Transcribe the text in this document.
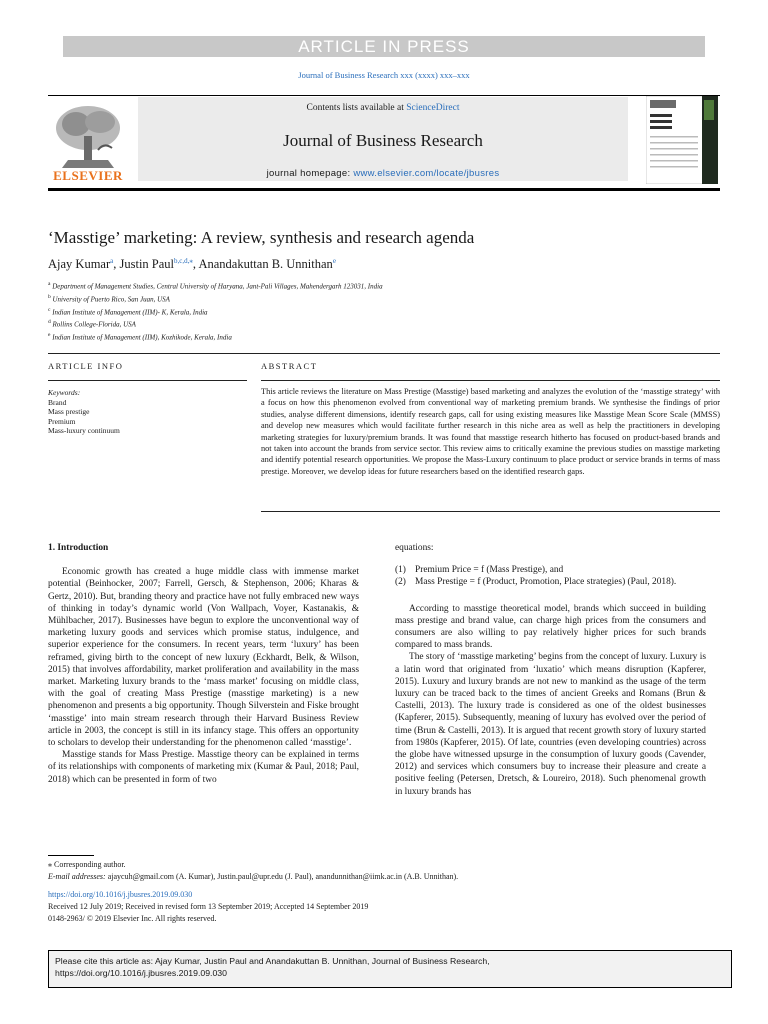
ARTICLE IN PRESS
Journal of Business Research xxx (xxxx) xxx–xxx
ELSEVIER
Contents lists available at ScienceDirect
Journal of Business Research
journal homepage: www.elsevier.com/locate/jbusres
‘Masstige’ marketing: A review, synthesis and research agenda
Ajay Kumar$^a$, Justin Paul$^{b,c,d,⁎}$, Anandakuttan B. Unnithan$^e$
$^a$ Department of Management Studies, Central University of Haryana, Jant-Pali Villages, Mahendergarh 123031, India
$^b$ University of Puerto Rico, San Juan, USA
$^c$ Indian Institute of Management (IIM)- K, Kerala, India
$^d$ Rollins College-Florida, USA
$^e$ Indian Institute of Management (IIM), Kozhikode, Kerala, India
ARTICLE INFO	ABSTRACT
Keywords:
Brand
Mass prestige
Premium
Mass-luxury continuum
This article reviews the literature on Mass Prestige (Masstige) based marketing and analyzes the evolution of the ‘masstige strategy’ with a focus on how this phenomenon evolved from conventional way of marketing premium brands. We synthesise the findings of prior studies, analyse different dimensions, identify research gaps, call for using existing measures like Masstige Mean Score Scale (MMSS) and develop new measures which would facilitate further research in this niche area as well as help the practitioners in developing marketing strategies for luxury/premium brands. It was found that masstige research hitherto has focused on product-based brands and not taken into account the brands from service sector. This review aims to critically examine the previous studies on masstige marketing and identify potential research opportunities. We propose the Mass-Luxury continuum to place product or service brands in terms of mass prestige. Moreover, we develop ideas for future researchers based on the identified research gaps.

1. Introduction

Economic growth has created a huge middle class with immense market potential (Beinhocker, 2007; Farrell, Gersch, & Stephenson, 2006; Kharas & Gertz, 2010). But, branding theory and practice have not fully embraced new ways of thinking in today’s dynamic world (Von Wallpach, Voyer, Kastanakis, & Mühlbacher, 2017). Businesses have begun to explore the unconventional way of marketing luxury goods and services which promise status, indulgence, and superior experience for the consumers. In recent years, term ‘luxury’ has been reframed, giving birth to the concept of new luxury (Eckhardt, Belk, & Wilson, 2015) that involves affordability, market proliferation and availability in the mass market. Marketing luxury brands to the ‘mass market’ focusing on middle class, with the goal of creating Mass Prestige (masstige marketing) is a new phenomenon and presents a big opportunity. Though Silverstein and Fiske brought ‘masstige’ into main stream research through their Harvard Business Review article in 2003, the concept is still in its infancy stage. This offers an opportunity to scholars to develop their understanding for the phenomenon called ‘masstige’.

Masstige stands for Mass Prestige. Masstige theory can be explained in terms of its relationships with components of marketing mix (Kumar & Paul, 2018; Paul, 2018) which can be presented in form of two

equations:

(1) Premium Price = f (Mass Prestige), and

(2) Mass Prestige = f (Product, Promotion, Place strategies) (Paul, 2018).

According to masstige theoretical model, brands which succeed in building mass prestige and brand value, can charge high prices from the consumers and consumers are also willing to pay relatively higher prices for such brands compared to mass brands.

The story of ‘masstige marketing’ begins from the concept of luxury. Luxury is a latin word that originated from ‘luxatio’ which means disruption (Kapferer, 2015). Luxury and luxury brands are not new to mankind as the usage of the term luxury can be traced back to the times of ancient Greeks and Romans (Brun & Castelli, 2013). The luxury trade is considered as one of the oldest businesses (Kapferer, 2015). Subsequently, meaning of luxury has evolved over the period of time (Brun & Castelli, 2013). It is argued that recent growth story of luxury started from 1980s (Kapferer, 2015). Of late, countries (even developing countries) across the globe have witnessed upsurge in the consumption of luxury goods (Cavender, 2012) and services which consumers buy to increase their pleasure and create a positive feeling (Petersen, Dretsch, & Loureiro, 2018). Such phenomenal growth in luxury brands has

⁎ Corresponding author.
E-mail addresses: ajaycuh@gmail.com (A. Kumar), Justin.paul@upr.edu (J. Paul), anandunnithan@iimk.ac.in (A.B. Unnithan).
https://doi.org/10.1016/j.jbusres.2019.09.030
Received 12 July 2019; Received in revised form 13 September 2019; Accepted 14 September 2019
0148-2963/ © 2019 Elsevier Inc. All rights reserved.
Please cite this article as: Ajay Kumar, Justin Paul and Anandakuttan B. Unnithan, Journal of Business Research,
https://doi.org/10.1016/j.jbusres.2019.09.030
